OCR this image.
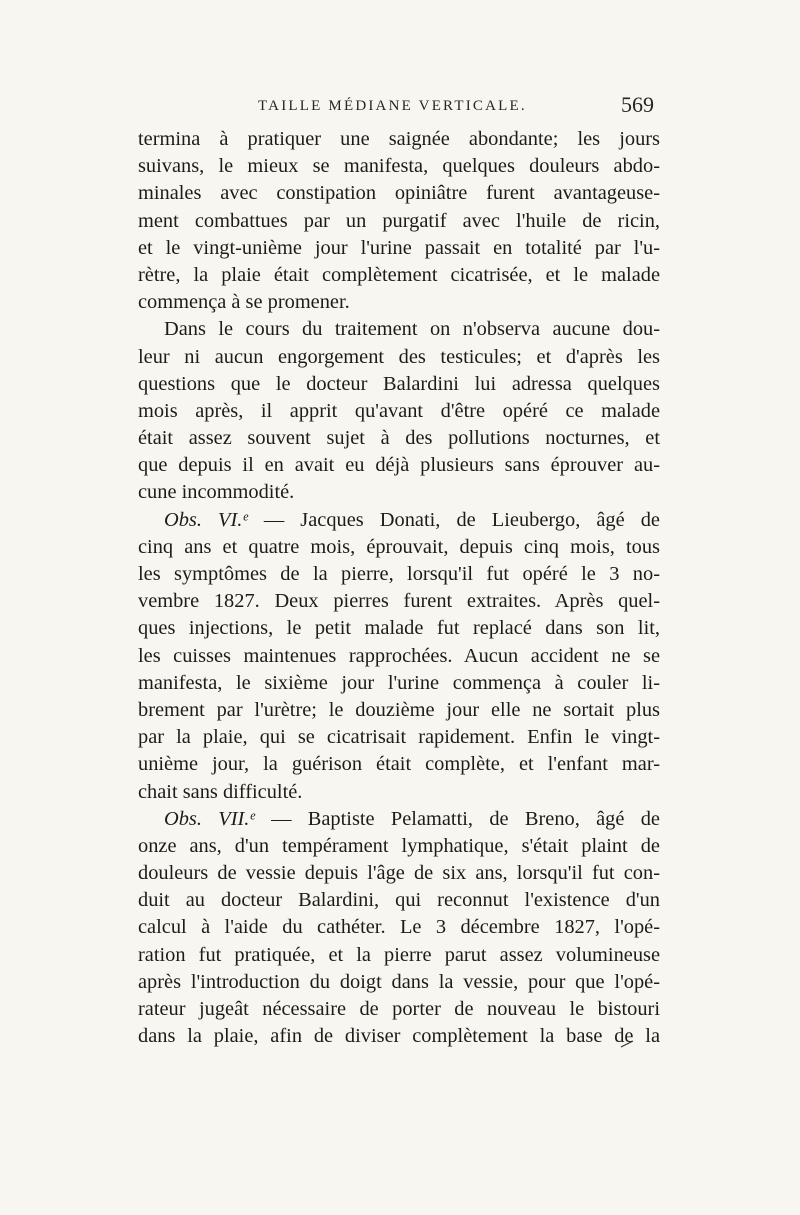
TAILLE MÉDIANE VERTICALE.	569
termina à pratiquer une saignée abondante; les jours
suivans, le mieux se manifesta, quelques douleurs abdo-
minales avec constipation opiniâtre furent avantageuse-
ment combattues par un purgatif avec l'huile de ricin,
et le vingt-unième jour l'urine passait en totalité par l'u-
rètre, la plaie était complètement cicatrisée, et le malade
commença à se promener.
Dans le cours du traitement on n'observa aucune dou-
leur ni aucun engorgement des testicules; et d'après les
questions que le docteur Balardini lui adressa quelques
mois après, il apprit qu'avant d'être opéré ce malade
était assez souvent sujet à des pollutions nocturnes, et
que depuis il en avait eu déjà plusieurs sans éprouver au-
cune incommodité.
Obs. VI.ᵉ — Jacques Donati, de Lieubergo, âgé de
cinq ans et quatre mois, éprouvait, depuis cinq mois, tous
les symptômes de la pierre, lorsqu'il fut opéré le 3 no-
vembre 1827. Deux pierres furent extraites. Après quel-
ques injections, le petit malade fut replacé dans son lit,
les cuisses maintenues rapprochées. Aucun accident ne se
manifesta, le sixième jour l'urine commença à couler li-
brement par l'urètre; le douzième jour elle ne sortait plus
par la plaie, qui se cicatrisait rapidement. Enfin le vingt-
unième jour, la guérison était complète, et l'enfant mar-
chait sans difficulté.
Obs. VII.ᵉ — Baptiste Pelamatti, de Breno, âgé de
onze ans, d'un tempérament lymphatique, s'était plaint de
douleurs de vessie depuis l'âge de six ans, lorsqu'il fut con-
duit au docteur Balardini, qui reconnut l'existence d'un
calcul à l'aide du cathéter. Le 3 décembre 1827, l'opé-
ration fut pratiquée, et la pierre parut assez volumineuse
après l'introduction du doigt dans la vessie, pour que l'opé-
rateur jugeât nécessaire de porter de nouveau le bistouri
dans la plaie, afin de diviser complètement la base de la
